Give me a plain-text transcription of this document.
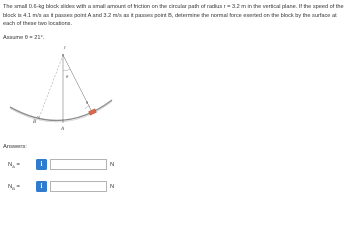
The small 0.6-kg block slides with a small amount of friction on the circular path of radius r = 3.2 m in the vertical plane. If the speed of the block is 4.1 m/s as it passes point A and 3.2 m/s as it passes point B, determine the normal force exerted on the block by the surface at each of these two locations.

Assume θ = 21°.

r
θ
θ
A
B
Answers:
$N_A$ =	i	N
$N_B$ =	i	N
